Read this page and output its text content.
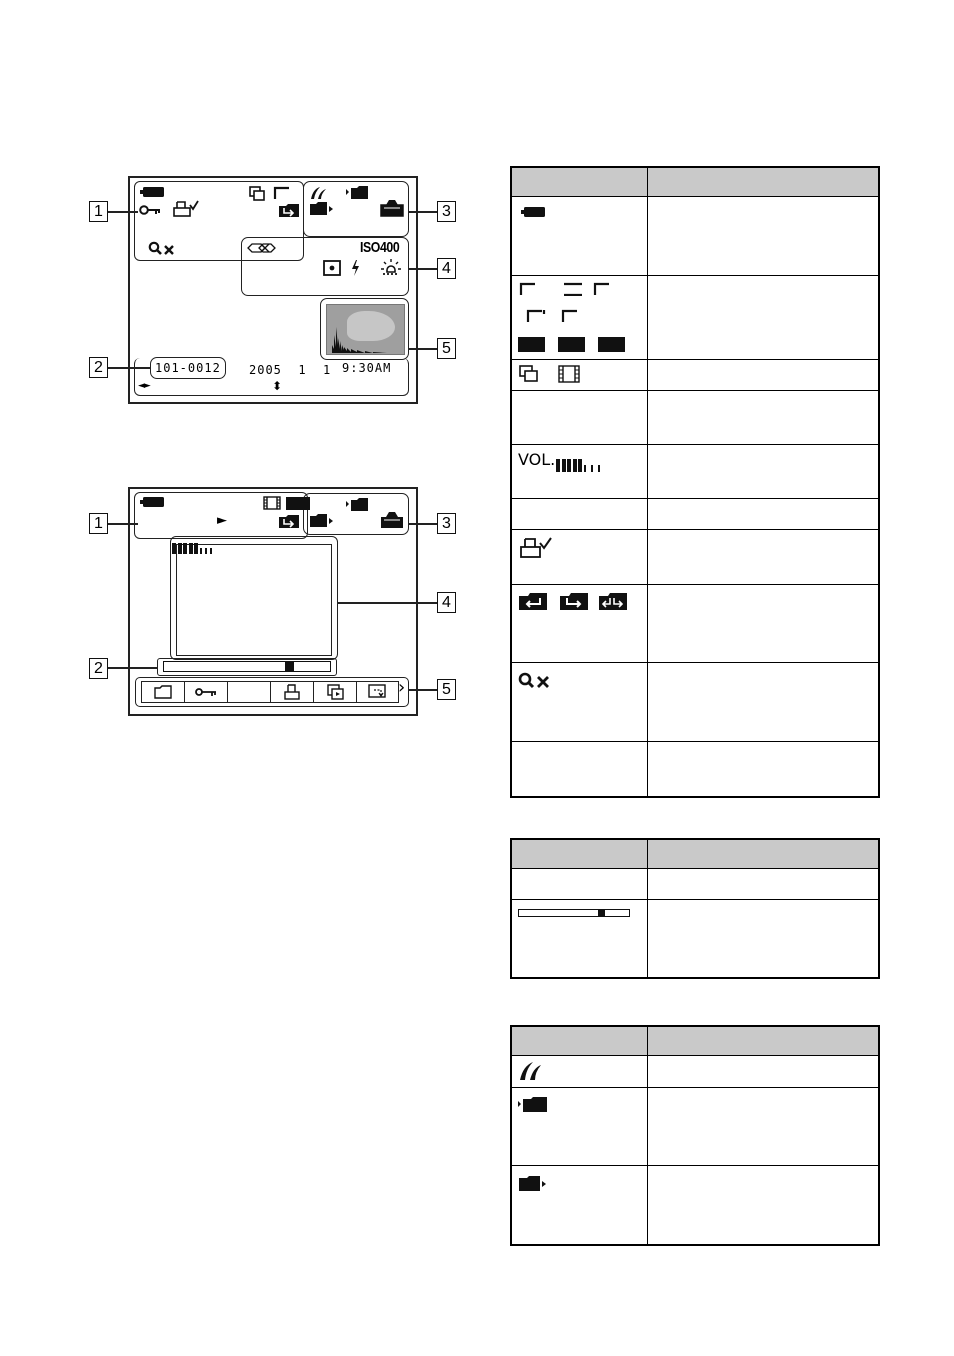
ISO400
101-0012 2005  1  1 9:30AM
◄►	⬍
1
2
3
4
5
►
›
1
2
3
4
5

VOL.	
